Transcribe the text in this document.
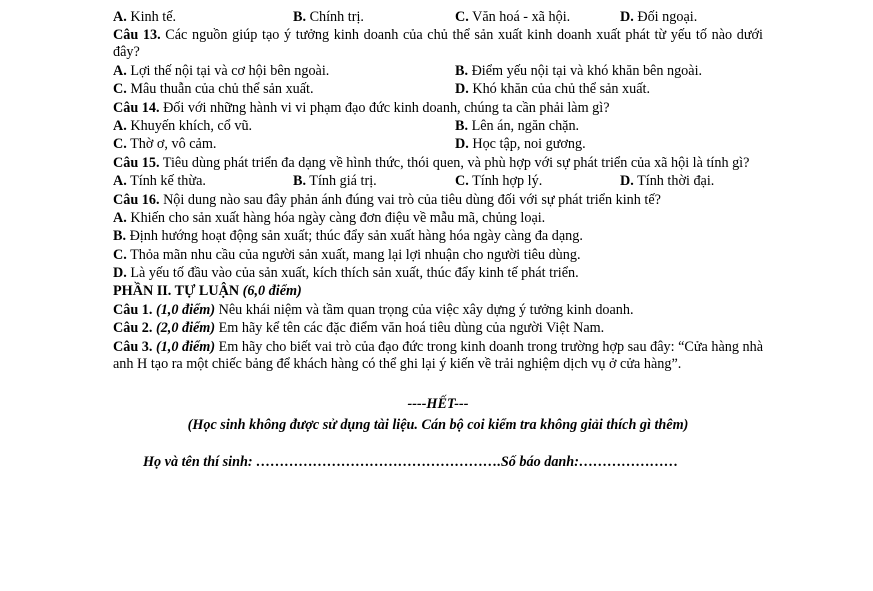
A. Kinh tế.	B. Chính trị.	C. Văn hoá - xã hội.	D. Đối ngoại.
Câu 13. Các nguồn giúp tạo ý tưởng kinh doanh của chủ thể sản xuất kinh doanh xuất phát từ yếu tố nào dưới đây?
A. Lợi thế nội tại và cơ hội bên ngoài.	B. Điểm yếu nội tại và khó khăn bên ngoài.
C. Mâu thuẫn của chủ thể sản xuất.	D. Khó khăn của chủ thể sản xuất.
Câu 14. Đối với những hành vi vi phạm đạo đức kinh doanh, chúng ta cần phải làm gì?
A. Khuyến khích, cổ vũ.	B. Lên án, ngăn chặn.
C. Thờ ơ, vô cảm.	D. Học tập, noi gương.
Câu 15. Tiêu dùng phát triển đa dạng về hình thức, thói quen, và phù hợp với sự phát triển của xã hội là tính gì?
A. Tính kế thừa.	B. Tính giá trị.	C. Tính hợp lý.	D. Tính thời đại.
Câu 16. Nội dung nào sau đây phản ánh đúng vai trò của tiêu dùng đối với sự phát triển kinh tế?
A. Khiến cho sản xuất hàng hóa ngày càng đơn điệu về mẫu mã, chủng loại.
B. Định hướng hoạt động sản xuất; thúc đẩy sản xuất hàng hóa ngày càng đa dạng.
C. Thỏa mãn nhu cầu của người sản xuất, mang lại lợi nhuận cho người tiêu dùng.
D. Là yếu tố đầu vào của sản xuất, kích thích sản xuất, thúc đẩy kinh tế phát triển.
PHẦN II. TỰ LUẬN (6,0 điểm)
Câu 1. (1,0 điểm) Nêu khái niệm và tầm quan trọng của việc xây dựng ý tưởng kinh doanh.
Câu 2. (2,0 điểm) Em hãy kể tên các đặc điểm văn hoá tiêu dùng của người Việt Nam.
Câu 3. (1,0 điểm) Em hãy cho biết vai trò của đạo đức trong kinh doanh trong trường hợp sau đây: “Cửa hàng nhà anh H tạo ra một chiếc bảng để khách hàng có thể ghi lại ý kiến về trải nghiệm dịch vụ ở cửa hàng”.
----HẾT---
(Học sinh không được sử dụng tài liệu. Cán bộ coi kiểm tra không giải thích gì thêm)
Họ và tên thí sinh: …………………………………………….Số báo danh:…………………
